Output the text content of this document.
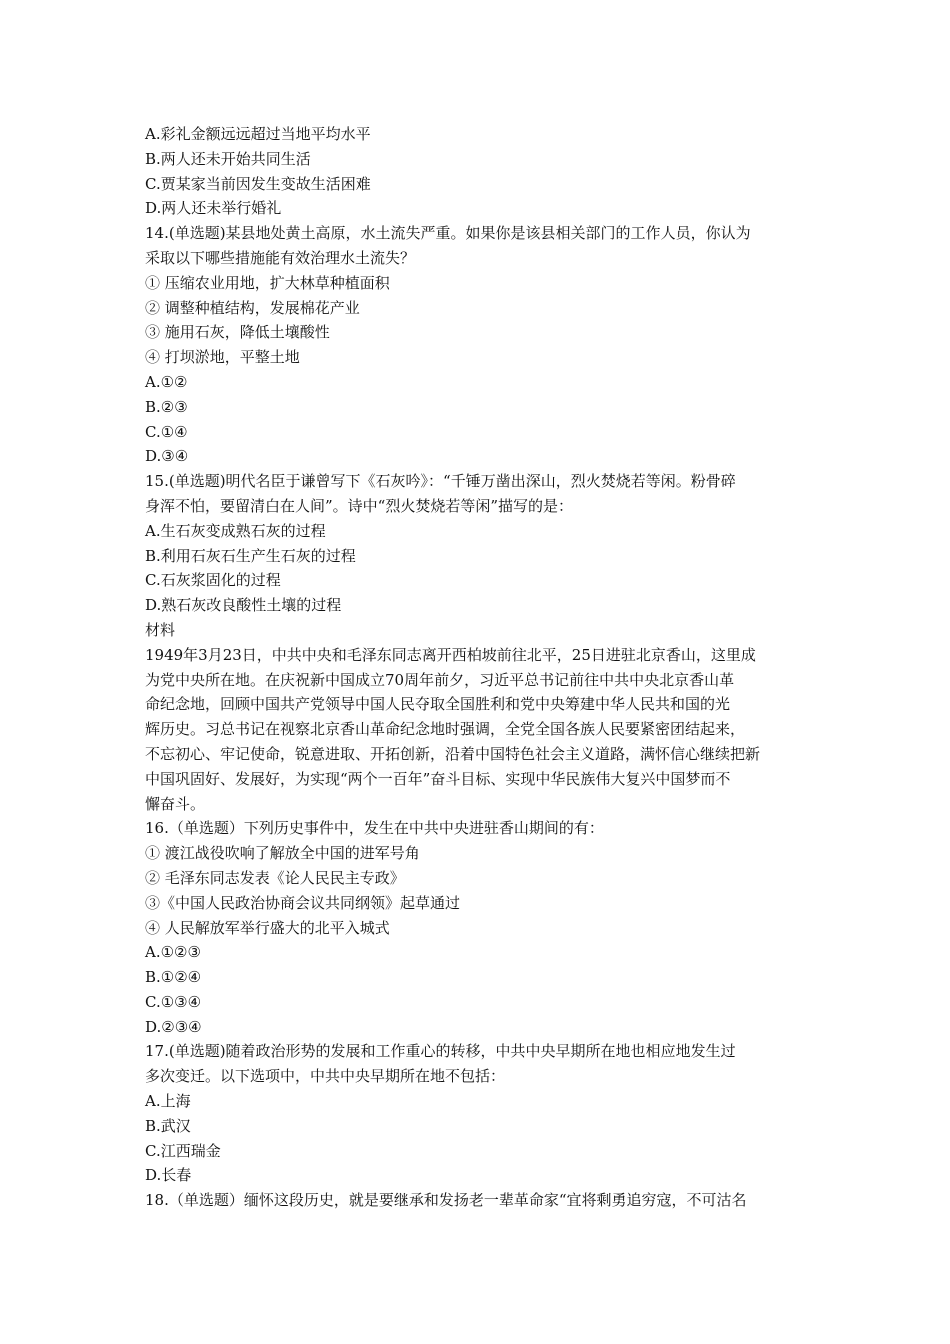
A.彩礼金额远远超过当地平均水平
B.两人还未开始共同生活
C.贾某家当前因发生变故生活困难
D.两人还未举行婚礼
14.(单选题)某县地处黄土高原，水土流失严重。如果你是该县相关部门的工作人员，你认为
采取以下哪些措施能有效治理水土流失？
① 压缩农业用地，扩大林草种植面积
② 调整种植结构，发展棉花产业
③ 施用石灰，降低土壤酸性
④ 打坝淤地，平整土地
A.①②
B.②③
C.①④
D.③④
15.(单选题)明代名臣于谦曾写下《石灰吟》：“千锤万凿出深山，烈火焚烧若等闲。粉骨碎
身浑不怕，要留清白在人间”。诗中“烈火焚烧若等闲”描写的是：
A.生石灰变成熟石灰的过程
B.利用石灰石生产生石灰的过程
C.石灰浆固化的过程
D.熟石灰改良酸性土壤的过程
材料
1949年3月23日，中共中央和毛泽东同志离开西柏坡前往北平，25日进驻北京香山，这里成
为党中央所在地。在庆祝新中国成立70周年前夕，习近平总书记前往中共中央北京香山革
命纪念地，回顾中国共产党领导中国人民夺取全国胜利和党中央筹建中华人民共和国的光
辉历史。习总书记在视察北京香山革命纪念地时强调，全党全国各族人民要紧密团结起来，
不忘初心、牢记使命，锐意进取、开拓创新，沿着中国特色社会主义道路，满怀信心继续把新
中国巩固好、发展好，为实现“两个一百年”奋斗目标、实现中华民族伟大复兴中国梦而不
懈奋斗。
16.（单选题）下列历史事件中，发生在中共中央进驻香山期间的有：
① 渡江战役吹响了解放全中国的进军号角
② 毛泽东同志发表《论人民民主专政》
③《中国人民政治协商会议共同纲领》起草通过
④ 人民解放军举行盛大的北平入城式
A.①②③
B.①②④
C.①③④
D.②③④
17.(单选题)随着政治形势的发展和工作重心的转移，中共中央早期所在地也相应地发生过
多次变迁。以下选项中，中共中央早期所在地不包括：
A.上海
B.武汉
C.江西瑞金
D.长春
18.（单选题）缅怀这段历史，就是要继承和发扬老一辈革命家“宜将剩勇追穷寇，不可沽名
